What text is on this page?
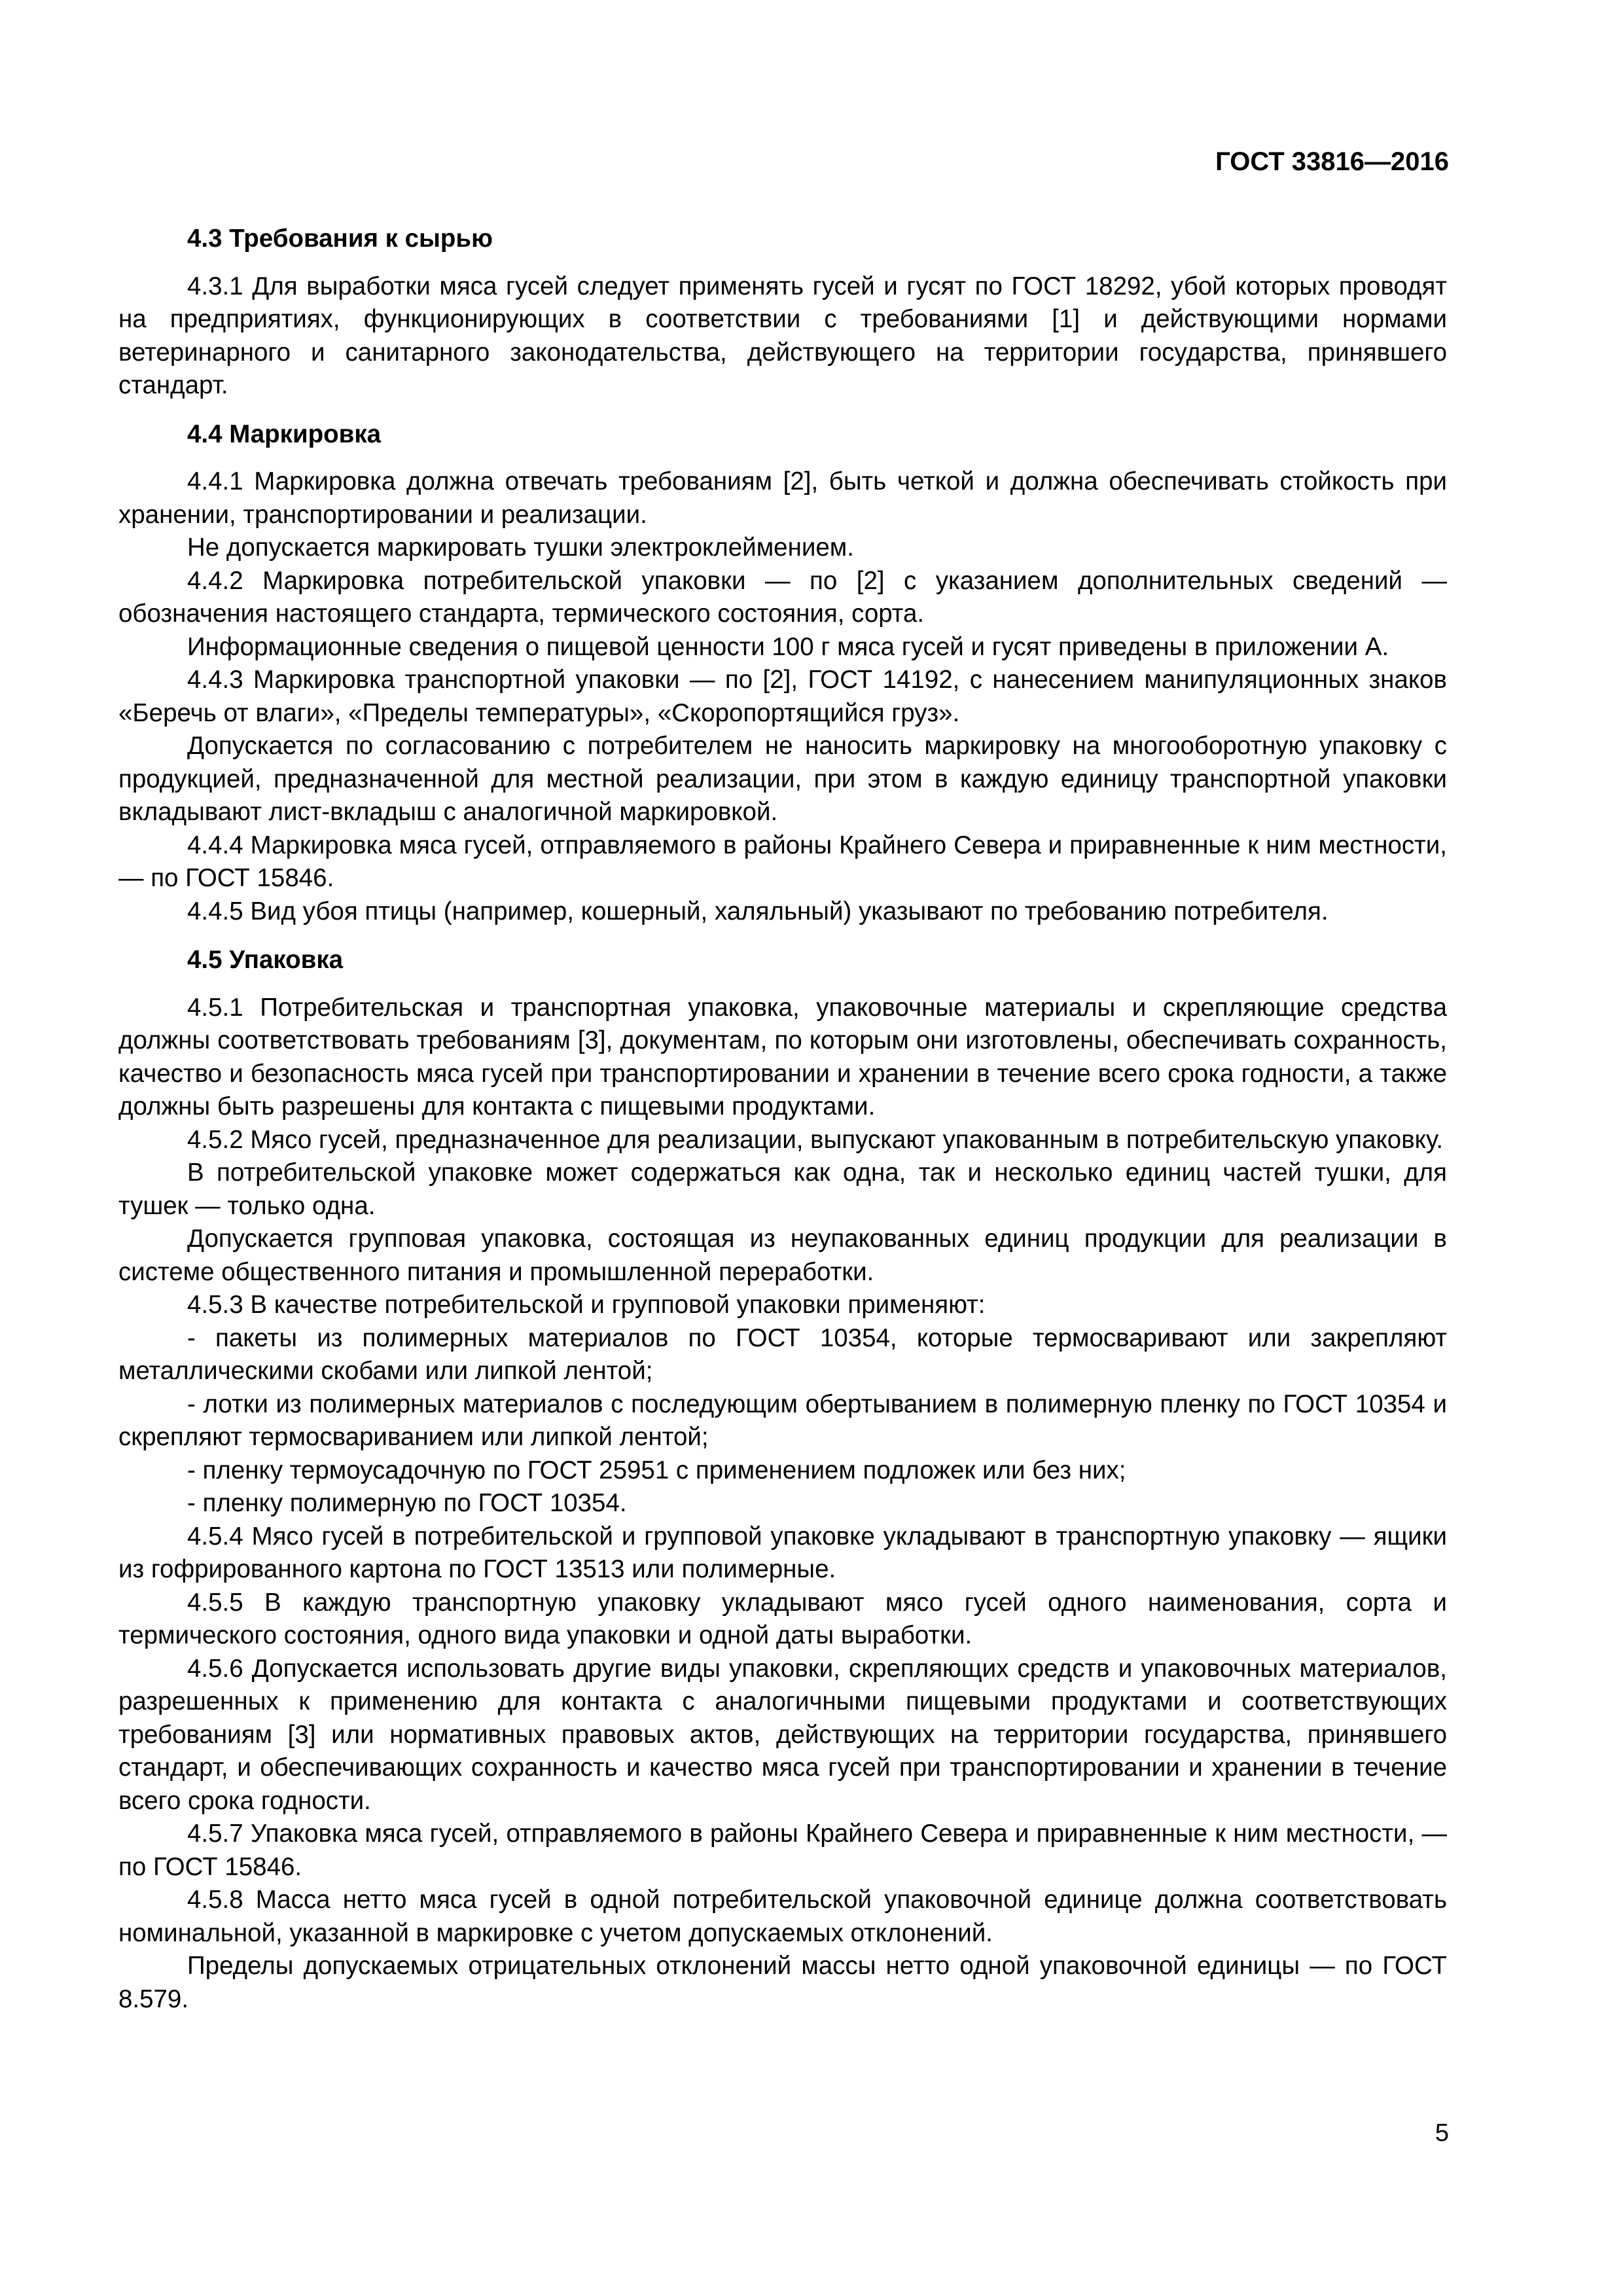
ГОСТ 33816—2016
4.3 Требования к сырью

4.3.1 Для выработки мяса гусей следует применять гусей и гусят по ГОСТ 18292, убой которых проводят на предприятиях, функционирующих в соответствии с требованиями [1] и действующими нормами ветеринарного и санитарного законодательства, действующего на территории государства, принявшего стандарт.

4.4 Маркировка

4.4.1 Маркировка должна отвечать требованиям [2], быть четкой и должна обеспечивать стойкость при хранении, транспортировании и реализации.

Не допускается маркировать тушки электроклеймением.

4.4.2 Маркировка потребительской упаковки — по [2] с указанием дополнительных сведений — обозначения настоящего стандарта, термического состояния, сорта.

Информационные сведения о пищевой ценности 100 г мяса гусей и гусят приведены в приложении А.

4.4.3 Маркировка транспортной упаковки — по [2], ГОСТ 14192, с нанесением манипуляционных знаков «Беречь от влаги», «Пределы температуры», «Скоропортящийся груз».

Допускается по согласованию с потребителем не наносить маркировку на многооборотную упаковку с продукцией, предназначенной для местной реализации, при этом в каждую единицу транспортной упаковки вкладывают лист-вкладыш с аналогичной маркировкой.

4.4.4 Маркировка мяса гусей, отправляемого в районы Крайнего Севера и приравненные к ним местности, — по ГОСТ 15846.

4.4.5 Вид убоя птицы (например, кошерный, халяльный) указывают по требованию потребителя.

4.5 Упаковка

4.5.1 Потребительская и транспортная упаковка, упаковочные материалы и скрепляющие средства должны соответствовать требованиям [3], документам, по которым они изготовлены, обеспечивать сохранность, качество и безопасность мяса гусей при транспортировании и хранении в течение всего срока годности, а также должны быть разрешены для контакта с пищевыми продуктами.

4.5.2 Мясо гусей, предназначенное для реализации, выпускают упакованным в потребительскую упаковку.

В потребительской упаковке может содержаться как одна, так и несколько единиц частей тушки, для тушек — только одна.

Допускается групповая упаковка, состоящая из неупакованных единиц продукции для реализации в системе общественного питания и промышленной переработки.

4.5.3 В качестве потребительской и групповой упаковки применяют:

- пакеты из полимерных материалов по ГОСТ 10354, которые термосваривают или закрепляют металлическими скобами или липкой лентой;

- лотки из полимерных материалов с последующим обертыванием в полимерную пленку по ГОСТ 10354 и скрепляют термосвариванием или липкой лентой;

- пленку термоусадочную по ГОСТ 25951 с применением подложек или без них;

- пленку полимерную по ГОСТ 10354.

4.5.4 Мясо гусей в потребительской и групповой упаковке укладывают в транспортную упаковку — ящики из гофрированного картона по ГОСТ 13513 или полимерные.

4.5.5 В каждую транспортную упаковку укладывают мясо гусей одного наименования, сорта и термического состояния, одного вида упаковки и одной даты выработки.

4.5.6 Допускается использовать другие виды упаковки, скрепляющих средств и упаковочных материалов, разрешенных к применению для контакта с аналогичными пищевыми продуктами и соответствующих требованиям [3] или нормативных правовых актов, действующих на территории государства, принявшего стандарт, и обеспечивающих сохранность и качество мяса гусей при транспортировании и хранении в течение всего срока годности.

4.5.7 Упаковка мяса гусей, отправляемого в районы Крайнего Севера и приравненные к ним местности, — по ГОСТ 15846.

4.5.8 Масса нетто мяса гусей в одной потребительской упаковочной единице должна соответствовать номинальной, указанной в маркировке с учетом допускаемых отклонений.

Пределы допускаемых отрицательных отклонений массы нетто одной упаковочной единицы — по ГОСТ 8.579.

5
